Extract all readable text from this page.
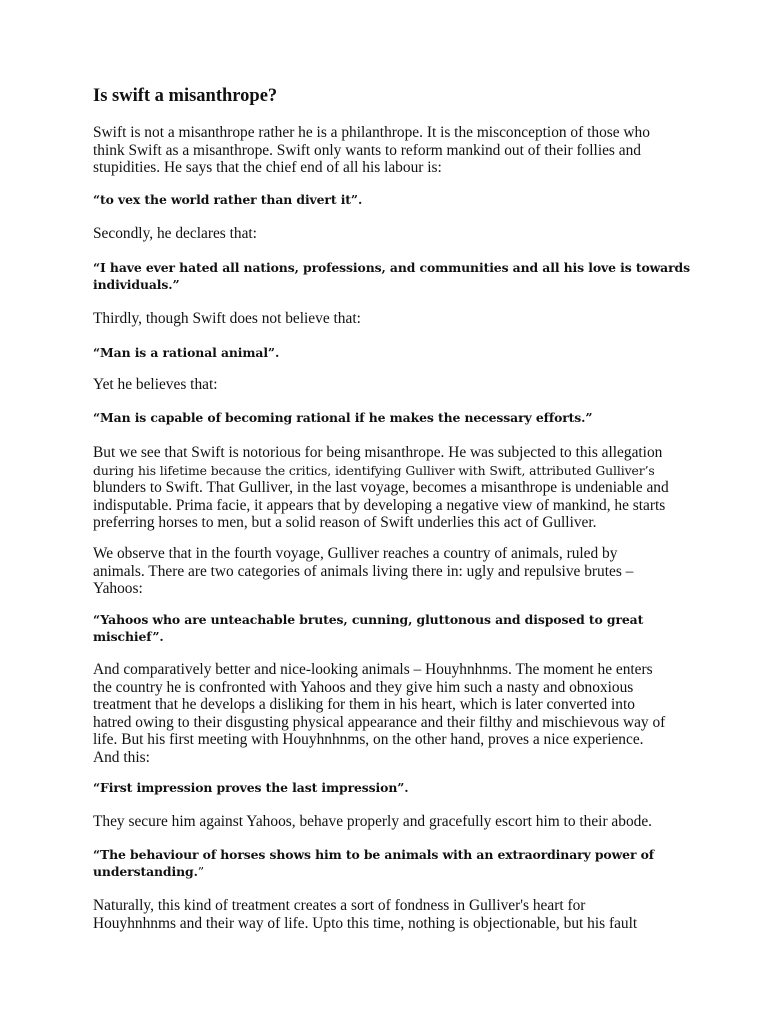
Is swift a misanthrope?

Swift is not a misanthrope rather he is a philanthrope. It is the misconception of those who
think Swift as a misanthrope. Swift only wants to reform mankind out of their follies and
stupidities. He says that the chief end of all his labour is:

“to vex the world rather than divert it”.

Secondly, he declares that:

“I have ever hated all nations, professions, and communities and all his love is towards
individuals.”

Thirdly, though Swift does not believe that:

“Man is a rational animal”.

Yet he believes that:

“Man is capable of becoming rational if he makes the necessary efforts.”

But we see that Swift is notorious for being misanthrope. He was subjected to this allegation
during his lifetime because the critics, identifying Gulliver with Swift, attributed Gulliver’s
blunders to Swift. That Gulliver, in the last voyage, becomes a misanthrope is undeniable and
indisputable. Prima facie, it appears that by developing a negative view of mankind, he starts
preferring horses to men, but a solid reason of Swift underlies this act of Gulliver.

We observe that in the fourth voyage, Gulliver reaches a country of animals, ruled by
animals. There are two categories of animals living there in: ugly and repulsive brutes –
Yahoos:

“Yahoos who are unteachable brutes, cunning, gluttonous and disposed to great
mischief”.

And comparatively better and nice-looking animals – Houyhnhnms. The moment he enters
the country he is confronted with Yahoos and they give him such a nasty and obnoxious
treatment that he develops a disliking for them in his heart, which is later converted into
hatred owing to their disgusting physical appearance and their filthy and mischievous way of
life. But his first meeting with Houyhnhnms, on the other hand, proves a nice experience.
And this:

“First impression proves the last impression”.

They secure him against Yahoos, behave properly and gracefully escort him to their abode.

“The behaviour of horses shows him to be animals with an extraordinary power of
understanding.”

Naturally, this kind of treatment creates a sort of fondness in Gulliver's heart for
Houyhnhnms and their way of life. Upto this time, nothing is objectionable, but his fault
